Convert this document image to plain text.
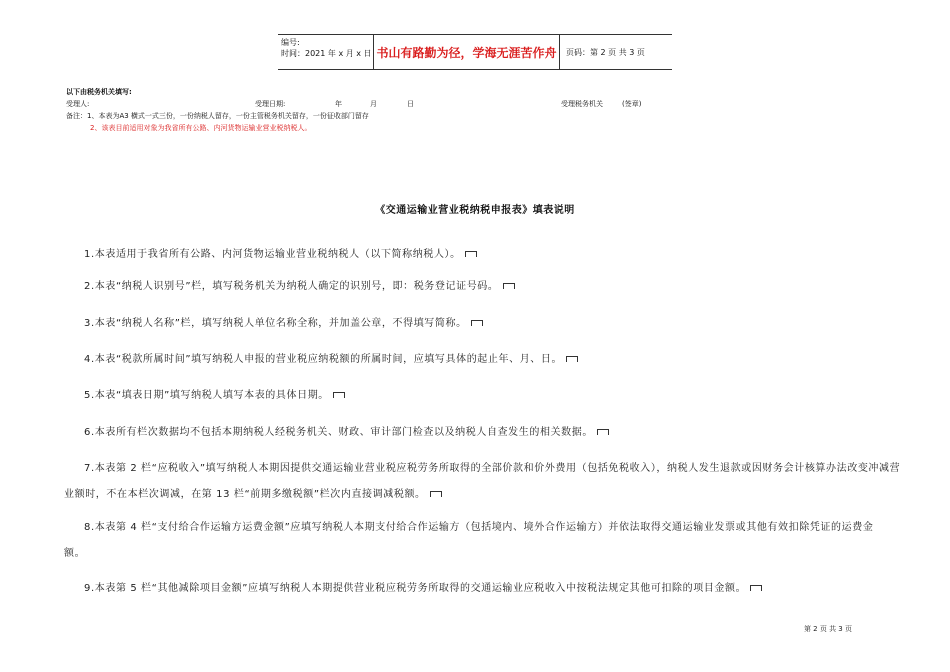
编号:
时间：2021 年 x 月 x 日 书山有路勤为径，学海无涯苦作舟	页码：第 2 页 共 3 页
以下由税务机关填写:
受理人:	受理日期:	年	月	日	受理税务机关	(签章)
备注：1、本表为A3 横式一式三份，一份纳税人留存，一份主管税务机关留存，一份征收部门留存
2、该表目前适用对象为我省所有公路、内河货物运输业营业税纳税人。
《交通运输业营业税纳税申报表》填表说明
1.本表适用于我省所有公路、内河货物运输业营业税纳税人（以下简称纳税人）。
2.本表“纳税人识别号”栏，填写税务机关为纳税人确定的识别号，即：税务登记证号码。
3.本表“纳税人名称”栏，填写纳税人单位名称全称，并加盖公章，不得填写简称。
4.本表“税款所属时间”填写纳税人申报的营业税应纳税额的所属时间，应填写具体的起止年、月、日。
5.本表“填表日期”填写纳税人填写本表的具体日期。
6.本表所有栏次数据均不包括本期纳税人经税务机关、财政、审计部门检查以及纳税人自查发生的相关数据。
7.本表第 2 栏“应税收入”填写纳税人本期因提供交通运输业营业税应税劳务所取得的全部价款和价外费用（包括免税收入），纳税人发生退款或因财务会计核算办法改变冲减营业额时，不在本栏次调减，在第 13 栏“前期多缴税额”栏次内直接调减税额。
8.本表第 4 栏“支付给合作运输方运费金额”应填写纳税人本期支付给合作运输方（包括境内、境外合作运输方）并依法取得交通运输业发票或其他有效扣除凭证的运费金额。
9.本表第 5 栏“其他减除项目金额”应填写纳税人本期提供营业税应税劳务所取得的交通运输业应税收入中按税法规定其他可扣除的项目金额。
第 2 页 共 3 页
